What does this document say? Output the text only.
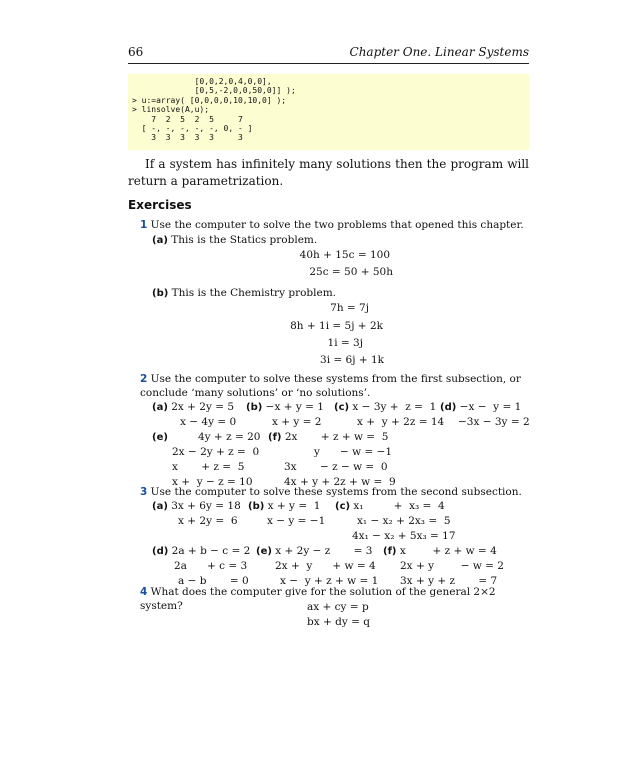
66	Chapter One. Linear Systems
[0,0,2,0,4,0,0],
[0,5,-2,0,0,50,0]] );
> u:=array( [0,0,0,0,10,10,0] );
> linsolve(A,u);
7  2  5  2  5     7
[ -, -, -, -, -, 0, - ]
3  3  3  3  3     3
If a system has infinitely many solutions then the program will return a parametrization.
Exercises
1 Use the computer to solve the two problems that opened this chapter.
(a) This is the Statics problem.
40h + 15c = 100
25c = 50 + 50h
(b) This is the Chemistry problem.
7h = 7j
8h + 1i = 5j + 2k
1i = 3j
3i = 6j + 1k
2 Use the computer to solve these systems from the first subsection, or conclude ‘many solutions’ or ‘no solutions’.
(a) 2x + 2y = 5
x − 4y = 0
(b) −x + y = 1
x + y = 2
(c) x − 3y +  z =  1
x +  y + 2z = 14
(d) −x −  y = 1
−3x − 3y = 2
(e)         4y + z = 20
2x − 2y + z =  0
x       + z =  5
x +  y − z = 10
(f) 2x       + z + w =  5
y      − w = −1
3x       − z − w =  0
4x + y + 2z + w =  9
3 Use the computer to solve these systems from the second subsection.
(a) 3x + 6y = 18
x + 2y =  6
(b) x + y =  1
x − y = −1
(c) x₁         +  x₃ =  4
x₁ − x₂ + 2x₃ =  5
4x₁ − x₂ + 5x₃ = 17
(d) 2a + b − c = 2
2a      + c = 3
a − b       = 0
(e) x + 2y − z       = 3
2x +  y      + w = 4
x −  y + z + w = 1
(f) x        + z + w = 4
2x + y        − w = 2
3x + y + z       = 7
4 What does the computer give for the solution of the general 2×2 system?	ax + cy = p
bx + dy = q
